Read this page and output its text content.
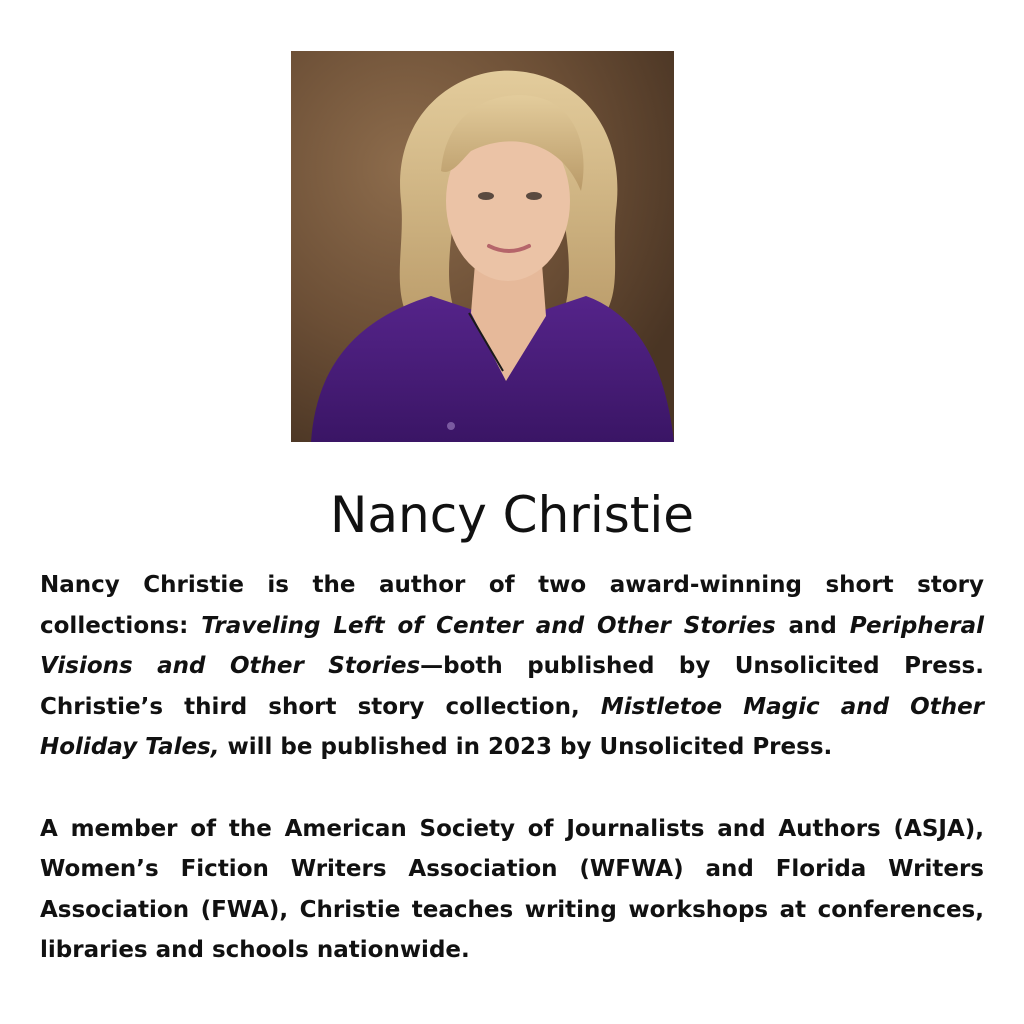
Nancy Christie

Nancy Christie is the author of two award-winning short story collections: Traveling Left of Center and Other Stories and Peripheral Visions and Other Stories—both published by Unsolicited Press. Christie’s third short story collection, Mistletoe Magic and Other Holiday Tales, will be published in 2023 by Unsolicited Press.

A member of the American Society of Journalists and Authors (ASJA), Women’s Fiction Writers Association (WFWA) and Florida Writers Association (FWA), Christie teaches writing workshops at conferences, libraries and schools nationwide.
